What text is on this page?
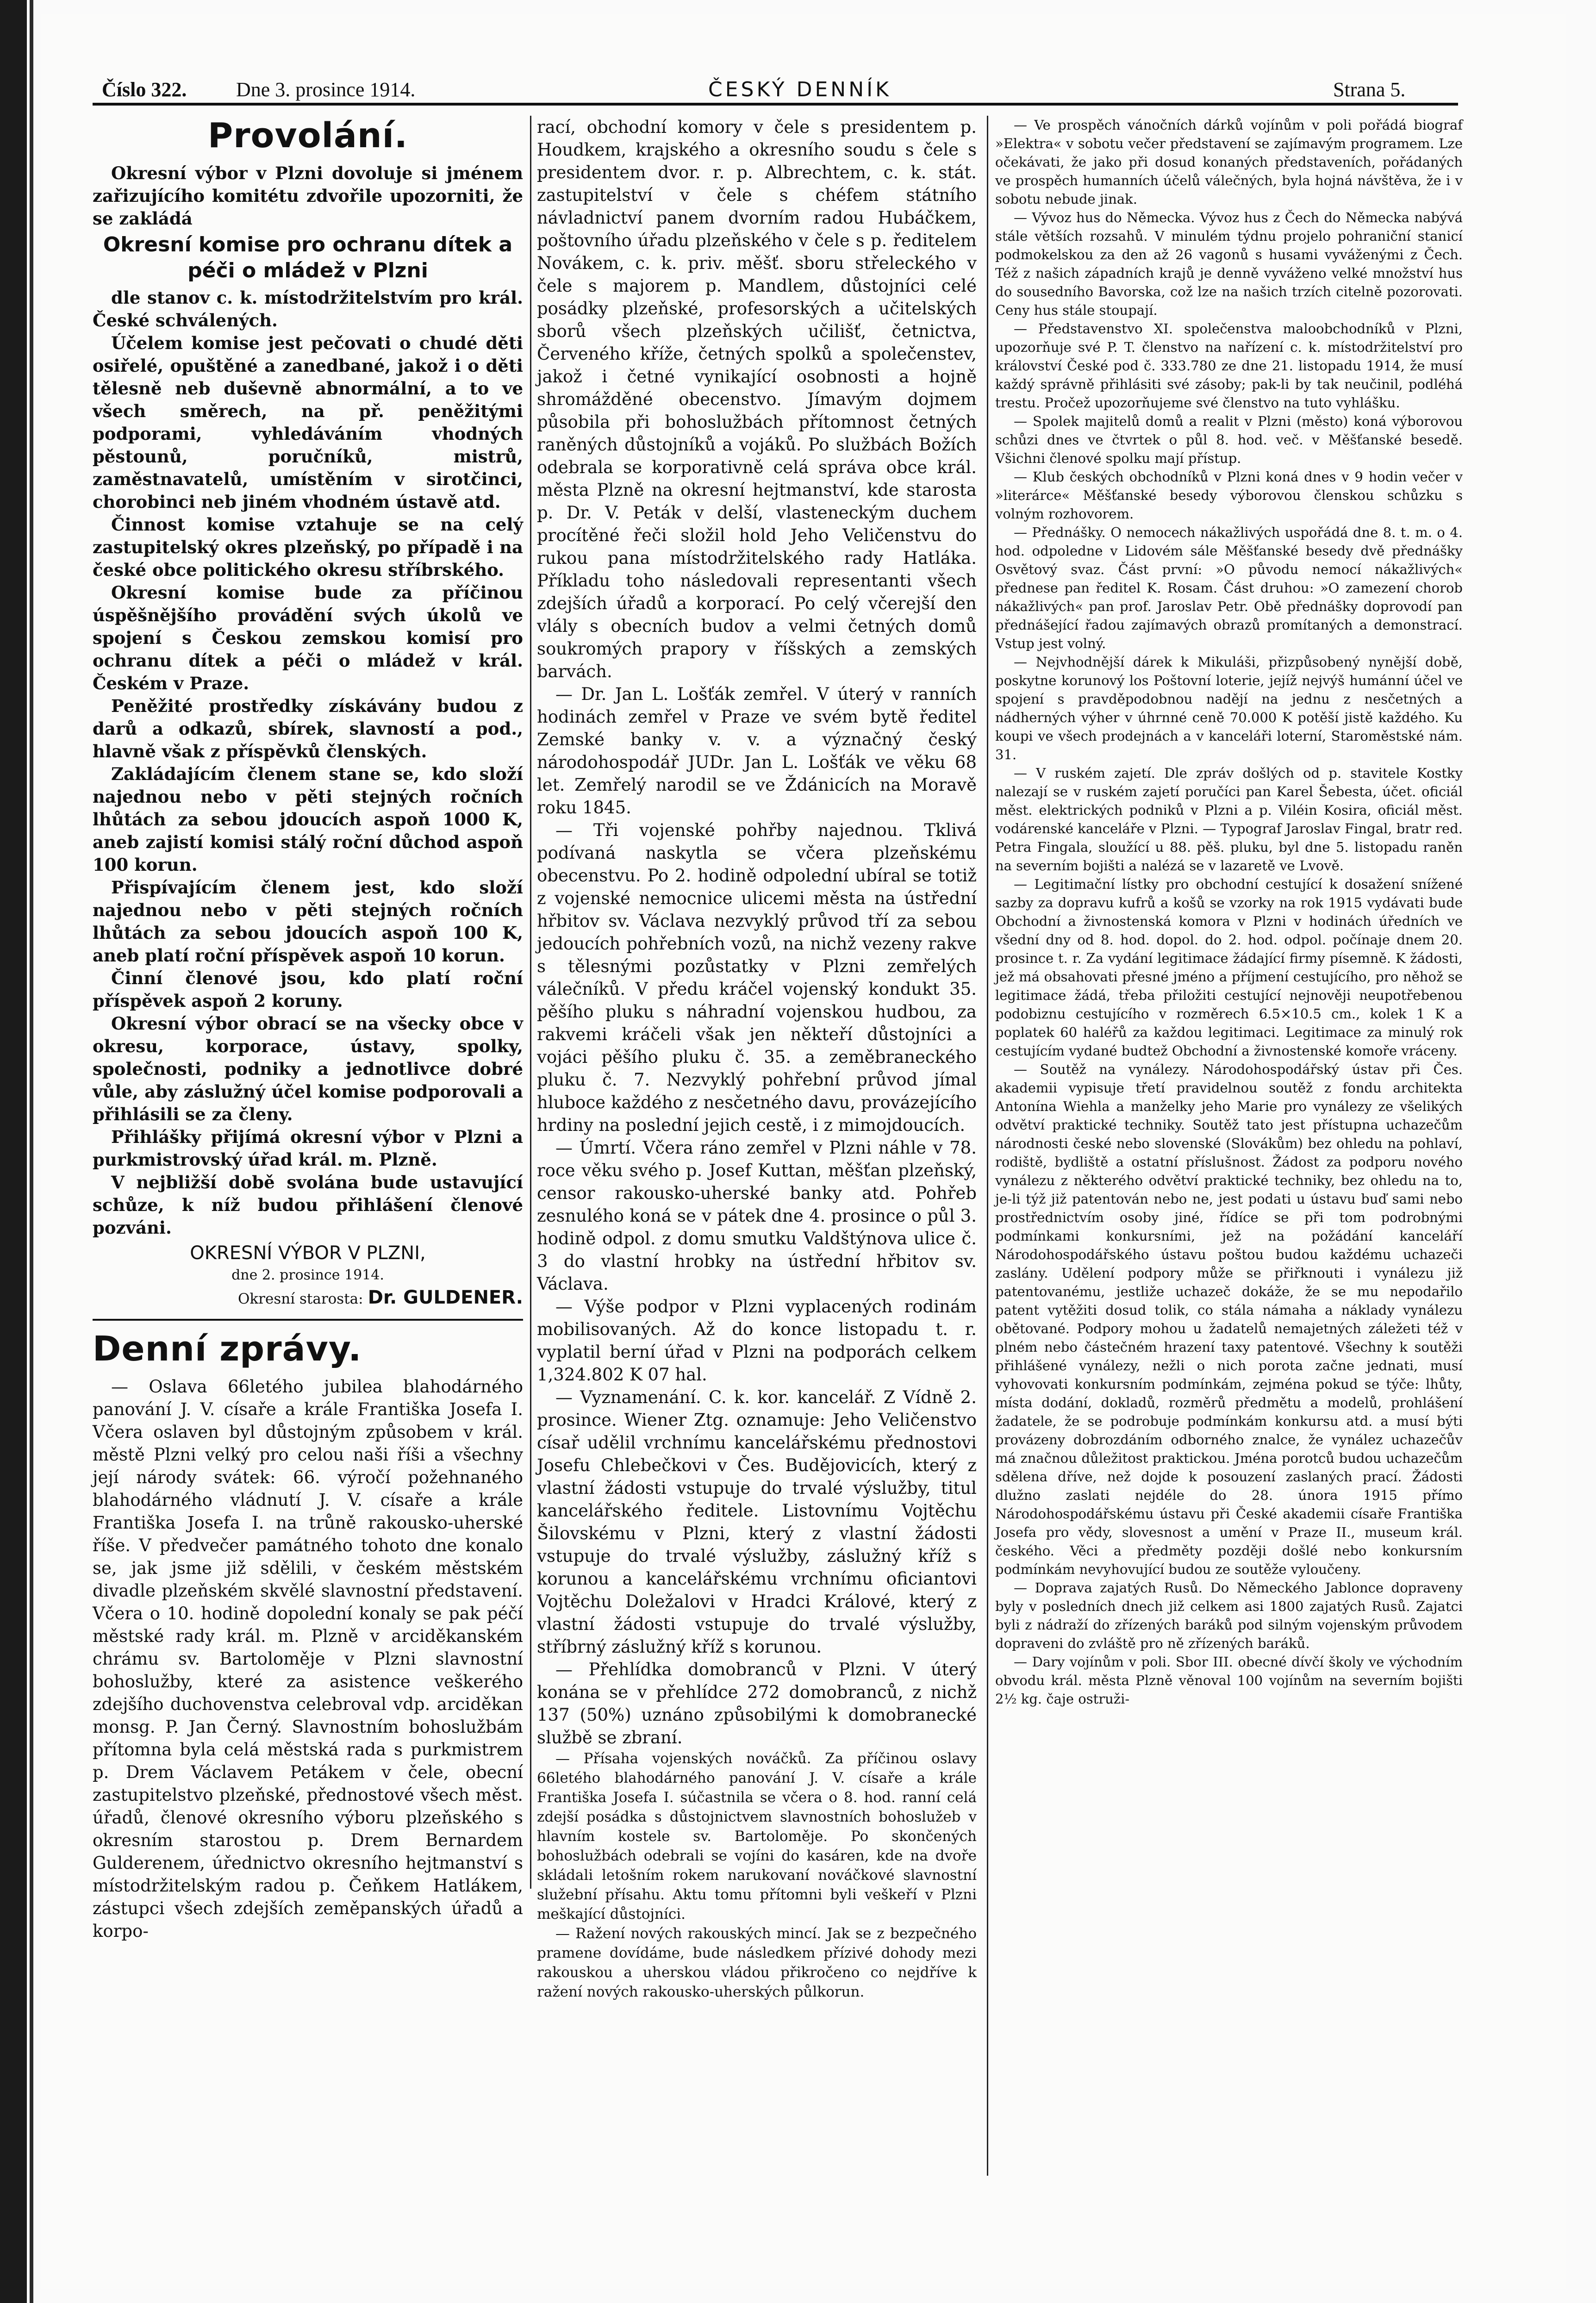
Číslo 322. Dne 3. prosince 1914.	ČESKÝ DENNÍK	Strana 5.
Provolání.

Okresní výbor v Plzni dovoluje si jménem zařizujícího komitétu zdvořile upozorniti, že se zakládá

Okresní komise pro ochranu dítek a péči o mládež v Plzni

dle stanov c. k. místodržitelstvím pro král. České schválených.

Účelem komise jest pečovati o chudé děti osiřelé, opuštěné a zanedbané, jakož i o děti tělesně neb duševně abnormální, a to ve všech směrech, na př. peněžitými podporami, vyhledáváním vhodných pěstounů, poručníků, mistrů, zaměstnavatelů, umístěním v sirotčinci, chorobinci neb jiném vhodném ústavě atd.

Činnost komise vztahuje se na celý zastupitelský okres plzeňský, po případě i na české obce politického okresu stříbrského.

Okresní komise bude za příčinou úspěšnějšího provádění svých úkolů ve spojení s Českou zemskou komisí pro ochranu dítek a péči o mládež v král. Českém v Praze.

Peněžité prostředky získávány budou z darů a odkazů, sbírek, slavností a pod., hlavně však z příspěvků členských.

Zakládajícím členem stane se, kdo složí najednou nebo v pěti stejných ročních lhůtách za sebou jdoucích aspoň 1000 K, aneb zajistí komisi stálý roční důchod aspoň 100 korun.

Přispívajícím členem jest, kdo složí najednou nebo v pěti stejných ročních lhůtách za sebou jdoucích aspoň 100 K, aneb platí roční příspěvek aspoň 10 korun.

Činní členové jsou, kdo platí roční příspěvek aspoň 2 koruny.

Okresní výbor obrací se na všecky obce v okresu, korporace, ústavy, spolky, společnosti, podniky a jednotlivce dobré vůle, aby záslužný účel komise podporovali a přihlásili se za členy.

Přihlášky přijímá okresní výbor v Plzni a purkmistrovský úřad král. m. Plzně.

V nejbližší době svolána bude ustavující schůze, k níž budou přihlášení členové pozváni.

OKRESNÍ VÝBOR V PLZNI,
dne 2. prosince 1914.
Okresní starosta: Dr. GULDENER.
Denní zprávy.

— Oslava 66letého jubilea blahodárného panování J. V. císaře a krále Františka Josefa I. Včera oslaven byl důstojným způsobem v král. městě Plzni velký pro celou naši říši a všechny její národy svátek: 66. výročí požehnaného blahodárného vládnutí J. V. císaře a krále Františka Josefa I. na trůně rakousko-uherské říše. V předvečer památného tohoto dne konalo se, jak jsme již sdělili, v českém městském divadle plzeňském skvělé slavnostní představení. Včera o 10. hodině dopolední konaly se pak péčí městské rady král. m. Plzně v arciděkanském chrámu sv. Bartoloměje v Plzni slavnostní bohoslužby, které za asistence veškerého zdejšího duchovenstva celebroval vdp. arciděkan monsg. P. Jan Černý. Slavnostním bohoslužbám přítomna byla celá městská rada s purkmistrem p. Drem Václavem Petákem v čele, obecní zastupitelstvo plzeňské, přednostové všech měst. úřadů, členové okresního výboru plzeňského s okresním starostou p. Drem Bernardem Gulderenem, úřednictvo okresního hejtmanství s místodržitelským radou p. Čeňkem Hatlákem, zástupci všech zdejších zeměpanských úřadů a korpo-

rací, obchodní komory v čele s presidentem p. Houdkem, krajského a okresního soudu s čele s presidentem dvor. r. p. Albrechtem, c. k. stát. zastupitelství v čele s chéfem státního návladnictví panem dvorním radou Hubáčkem, poštovního úřadu plzeňského v čele s p. ředitelem Novákem, c. k. priv. měšť. sboru střeleckého v čele s majorem p. Mandlem, důstojníci celé posádky plzeňské, profesorských a učitelských sborů všech plzeňských učilišť, četnictva, Červeného kříže, četných spolků a společenstev, jakož i četné vynikající osobnosti a hojně shromážděné obecenstvo. Jímavým dojmem působila při bohoslužbách přítomnost četných raněných důstojníků a vojáků. Po službách Božích odebrala se korporativně celá správa obce král. města Plzně na okresní hejtmanství, kde starosta p. Dr. V. Peták v delší, vlasteneckým duchem procítěné řeči složil hold Jeho Veličenstvu do rukou pana místodržitelského rady Hatláka. Příkladu toho následovali representanti všech zdejších úřadů a korporací. Po celý včerejší den vlály s obecních budov a velmi četných domů soukromých prapory v říšských a zemských barvách.

— Dr. Jan L. Lošťák zemřel. V úterý v ranních hodinách zemřel v Praze ve svém bytě ředitel Zemské banky v. v. a význačný český národohospodář JUDr. Jan L. Lošťák ve věku 68 let. Zemřelý narodil se ve Ždánicích na Moravě roku 1845.

— Tři vojenské pohřby najednou. Tklivá podívaná naskytla se včera plzeňskému obecenstvu. Po 2. hodině odpolední ubíral se totiž z vojenské nemocnice ulicemi města na ústřední hřbitov sv. Václava nezvyklý průvod tří za sebou jedoucích pohřebních vozů, na nichž vezeny rakve s tělesnými pozůstatky v Plzni zemřelých válečníků. V předu kráčel vojenský kondukt 35. pěšího pluku s náhradní vojenskou hudbou, za rakvemi kráčeli však jen někteří důstojníci a vojáci pěšího pluku č. 35. a zeměbraneckého pluku č. 7. Nezvyklý pohřební průvod jímal hluboce každého z nesčetného davu, provázejícího hrdiny na poslední jejich cestě, i z mimojdoucích.

— Úmrtí. Včera ráno zemřel v Plzni náhle v 78. roce věku svého p. Josef Kuttan, měšťan plzeňský, censor rakousko-uherské banky atd. Pohřeb zesnulého koná se v pátek dne 4. prosince o půl 3. hodině odpol. z domu smutku Valdštýnova ulice č. 3 do vlastní hrobky na ústřední hřbitov sv. Václava.

— Výše podpor v Plzni vyplacených rodinám mobilisovaných. Až do konce listopadu t. r. vyplatil berní úřad v Plzni na podporách celkem 1,324.802 K 07 hal.

— Vyznamenání. C. k. kor. kancelář. Z Vídně 2. prosince. Wiener Ztg. oznamuje: Jeho Veličenstvo císař udělil vrchnímu kancelářskému přednostovi Josefu Chlebečkovi v Čes. Budějovicích, který z vlastní žádosti vstupuje do trvalé výslužby, titul kancelářského ředitele. Listovnímu Vojtěchu Šilovskému v Plzni, který z vlastní žádosti vstupuje do trvalé výslužby, záslužný kříž s korunou a kancelářskému vrchnímu oficiantovi Vojtěchu Doležalovi v Hradci Králové, který z vlastní žádosti vstupuje do trvalé výslužby, stříbrný záslužný kříž s korunou.

— Přehlídka domobranců v Plzni. V úterý konána se v přehlídce 272 domobranců, z nichž 137 (50%) uznáno způsobilými k domobranecké službě se zbraní.

— Přísaha vojenských nováčků. Za příčinou oslavy 66letého blahodárného panování J. V. císaře a krále Františka Josefa I. súčastnila se včera o 8. hod. ranní celá zdejší posádka s důstojnictvem slavnostních bohoslužeb v hlavním kostele sv. Bartoloměje. Po skončených bohoslužbách odebrali se vojíni do kasáren, kde na dvoře skládali letošním rokem narukovaní nováčkové slavnostní služební přísahu. Aktu tomu přítomni byli veškeří v Plzni meškající důstojníci.

— Ražení nových rakouských mincí. Jak se z bezpečného pramene dovídáme, bude následkem přízivé dohody mezi rakouskou a uherskou vládou přikročeno co nejdříve k ražení nových rakousko-uherských půlkorun.

— Ve prospěch vánočních dárků vojínům v poli pořádá biograf »Elektra« v sobotu večer představení se zajímavým programem. Lze očekávati, že jako při dosud konaných představeních, pořádaných ve prospěch humanních účelů válečných, byla hojná návštěva, že i v sobotu nebude jinak.

— Vývoz hus do Německa. Vývoz hus z Čech do Německa nabývá stále větších rozsahů. V minulém týdnu projelo pohraniční stanicí podmokelskou za den až 26 vagonů s husami vyváženými z Čech. Též z našich západních krajů je denně vyváženo velké množství hus do sousedního Bavorska, což lze na našich trzích citelně pozorovati. Ceny hus stále stoupají.

— Představenstvo XI. společenstva maloobchodníků v Plzni, upozorňuje své P. T. členstvo na nařízení c. k. místodržitelství pro království České pod č. 333.780 ze dne 21. listopadu 1914, že musí každý správně přihlásiti své zásoby; pak-li by tak neučinil, podléhá trestu. Pročež upozorňujeme své členstvo na tuto vyhlášku.

— Spolek majitelů domů a realit v Plzni (město) koná výborovou schůzi dnes ve čtvrtek o půl 8. hod. več. v Měšťanské besedě. Všichni členové spolku mají přístup.

— Klub českých obchodníků v Plzni koná dnes v 9 hodin večer v »literárce« Měšťanské besedy výborovou členskou schůzku s volným rozhovorem.

— Přednášky. O nemocech nákažlivých uspořádá dne 8. t. m. o 4. hod. odpoledne v Lidovém sále Měšťanské besedy dvě přednášky Osvětový svaz. Část první: »O původu nemocí nákažlivých« přednese pan ředitel K. Rosam. Část druhou: »O zamezení chorob nákažlivých« pan prof. Jaroslav Petr. Obě přednášky doprovodí pan přednášející řadou zajímavých obrazů promítaných a demonstrací. Vstup jest volný.

— Nejvhodnější dárek k Mikuláši, přizpůsobený nynější době, poskytne korunový los Poštovní loterie, jejíž nejvýš humánní účel ve spojení s pravděpodobnou nadějí na jednu z nesčetných a nádherných výher v úhrnné ceně 70.000 K potěší jistě každého. Ku koupi ve všech prodejnách a v kanceláři loterní, Staroměstské nám. 31.

— V ruském zajetí. Dle zpráv došlých od p. stavitele Kostky nalezají se v ruském zajetí poručíci pan Karel Šebesta, účet. oficiál měst. elektrických podniků v Plzni a p. Viléin Kosira, oficiál měst. vodárenské kanceláře v Plzni. — Typograf Jaroslav Fingal, bratr red. Petra Fingala, sloužící u 88. pěš. pluku, byl dne 5. listopadu raněn na severním bojišti a nalézá se v lazaretě ve Lvově.

— Legitimační lístky pro obchodní cestující k dosažení snížené sazby za dopravu kufrů a košů se vzorky na rok 1915 vydávati bude Obchodní a živnostenská komora v Plzni v hodinách úředních ve všední dny od 8. hod. dopol. do 2. hod. odpol. počínaje dnem 20. prosince t. r. Za vydání legitimace žádající firmy písemně. K žádosti, jež má obsahovati přesné jméno a příjmení cestujícího, pro něhož se legitimace žádá, třeba přiložiti cestující nejnověji neupotřebenou podobiznu cestujícího v rozměrech 6.5×10.5 cm., kolek 1 K a poplatek 60 haléřů za každou legitimaci. Legitimace za minulý rok cestujícím vydané budtež Obchodní a živnostenské komoře vráceny.

— Soutěž na vynálezy. Národohospodářský ústav při Čes. akademii vypisuje třetí pravidelnou soutěž z fondu architekta Antonína Wiehla a manželky jeho Marie pro vynálezy ze všelikých odvětví praktické techniky. Soutěž tato jest přístupna uchazečům národnosti české nebo slovenské (Slovákům) bez ohledu na pohlaví, rodiště, bydliště a ostatní příslušnost. Žádost za podporu nového vynálezu z některého odvětví praktické techniky, bez ohledu na to, je-li týž již patentován nebo ne, jest podati u ústavu buď sami nebo prostřednictvím osoby jiné, řídíce se při tom podrobnými podmínkami konkursními, jež na požádání kanceláří Národohospodářského ústavu poštou budou každému uchazeči zaslány. Udělení podpory může se přiřknouti i vynálezu již patentovanému, jestliže uchazeč dokáže, že se mu nepodařilo patent vytěžiti dosud tolik, co stála námaha a náklady vynálezu obětované. Podpory mohou u žadatelů nemajetných záležeti též v plném nebo částečném hrazení taxy patentové. Všechny k soutěži přihlášené vynálezy, nežli o nich porota začne jednati, musí vyhovovati konkursním podmínkám, zejména pokud se týče: lhůty, místa dodání, dokladů, rozměrů předmětu a modelů, prohlášení žadatele, že se podrobuje podmínkám konkursu atd. a musí býti provázeny dobrozdáním odborného znalce, že vynález uchazečův má značnou důležitost praktickou. Jména porotců budou uchazečům sdělena dříve, než dojde k posouzení zaslaných prací. Žádosti dlužno zaslati nejdéle do 28. února 1915 přímo Národohospodářskému ústavu při České akademii císaře Františka Josefa pro vědy, slovesnost a umění v Praze II., museum král. českého. Věci a předměty později došlé nebo konkursním podmínkám nevyhovující budou ze soutěže vyloučeny.

— Doprava zajatých Rusů. Do Německého Jablonce dopraveny byly v posledních dnech již celkem asi 1800 zajatých Rusů. Zajatci byli z nádraží do zřízených baráků pod silným vojenským průvodem dopraveni do zvláště pro ně zřízených baráků.

— Dary vojínům v poli. Sbor III. obecné dívčí školy ve východním obvodu král. města Plzně věnoval 100 vojínům na severním bojišti 2½ kg. čaje ostruži-
